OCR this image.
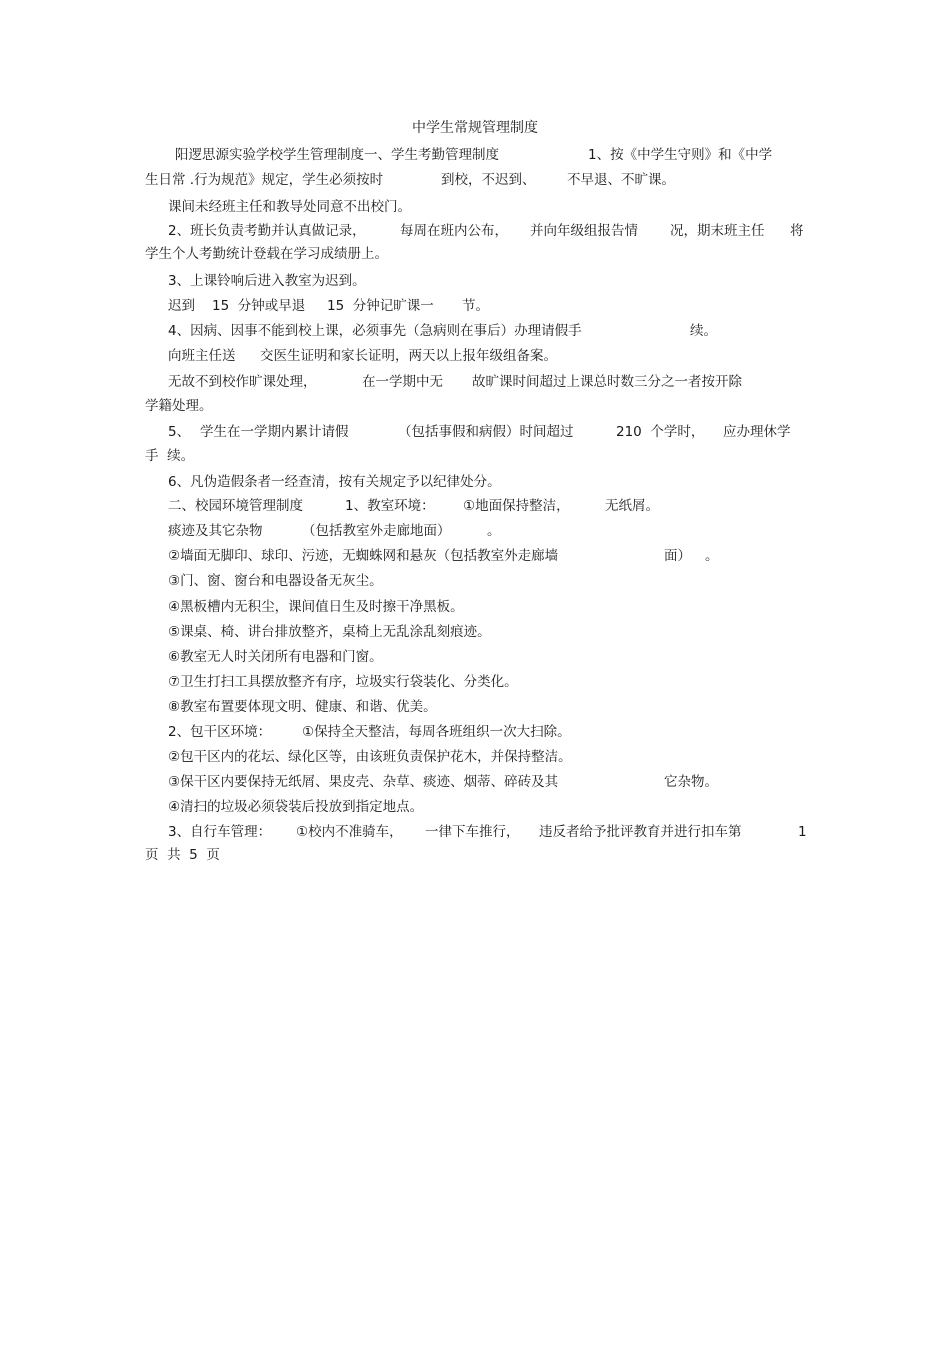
中学生常规管理制度
阳逻思源实验学校学生管理制度一、学生考勤管理制度	1、按《中学生守则》和《中学
生日常 .行为规范》规定，学生必须按时	到校，不迟到、 不早退、不旷课。
课间未经班主任和教导处同意不出校门。
2、班长负责考勤并认真做记录，	每周在班内公布， 并向年级组报告情 况，期末班主任 将
学生个人考勤统计登载在学习成绩册上。
3、上课铃响后进入教室为迟到。
迟到 15  分钟或早退 15  分钟记旷课一 节。
4、因病、因事不能到校上课，必须事先（急病则在事后）办理请假手	续。
向班主任送 交医生证明和家长证明，两天以上报年级组备案。
无故不到校作旷课处理，	在一学期中无 故旷课时间超过上课总时数三分之一者按开除
学籍处理。
5、 学生在一学期内累计请假	（包括事假和病假）时间超过	210  个学时， 应办理休学
手  续。
6、凡伪造假条者一经查清，按有关规定予以纪律处分。
二、校园环境管理制度	1、教室环境： ①地面保持整洁，	无纸屑。
痰迹及其它杂物	（包括教室外走廊地面）	。
②墙面无脚印、球印、污迹，无蜘蛛网和悬灰（包括教室外走廊墙	面） 。
③门、窗、窗台和电器设备无灰尘。
④黑板槽内无积尘，课间值日生及时擦干净黑板。
⑤课桌、椅、讲台排放整齐，桌椅上无乱涂乱刻痕迹。
⑥教室无人时关闭所有电器和门窗。
⑦卫生打扫工具摆放整齐有序，垃圾实行袋装化、分类化。
⑧教室布置要体现文明、健康、和谐、优美。
2、包干区环境： ①保持全天整洁，每周各班组织一次大扫除。
②包干区内的花坛、绿化区等，由该班负责保护花木，并保持整洁。
③保干区内要保持无纸屑、果皮壳、杂草、痰迹、烟蒂、碎砖及其	它杂物。
④清扫的垃圾必须袋装后投放到指定地点。
3、自行车管理： ①校内不准骑车， 一律下车推行， 违反者给予批评教育并进行扣车第	1
页  共  5  页
